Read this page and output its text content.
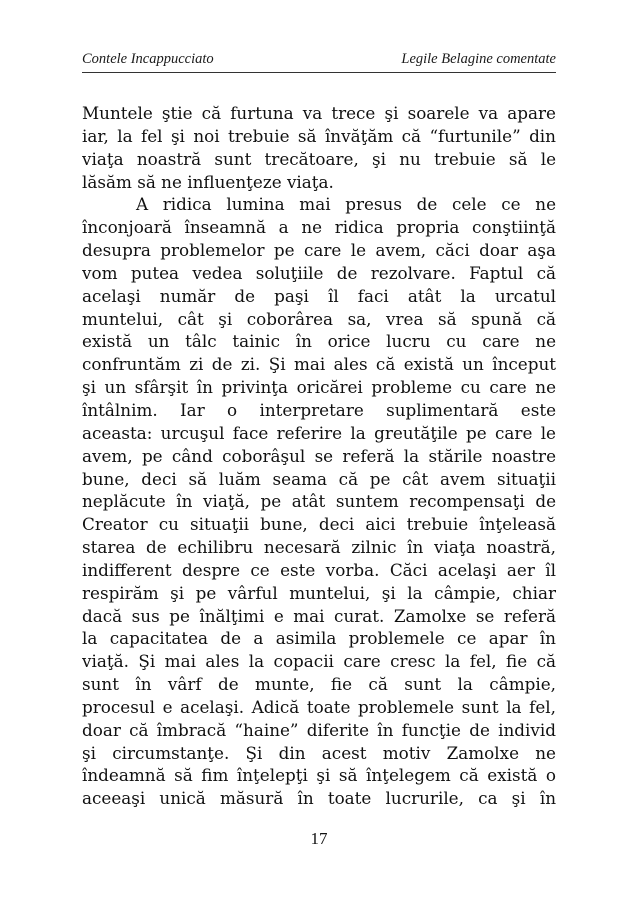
Contele Incappucciato	Legile Belagine comentate
Muntele ştie că furtuna va trece şi soarele va apare
iar, la fel şi noi trebuie să învăţăm că “furtunile” din
viaţa noastră sunt trecătoare, şi nu trebuie să le
lăsăm să ne influenţeze viaţa.
A ridica lumina mai presus de cele ce ne
înconjoară înseamnă a ne ridica propria conştiinţă
desupra problemelor pe care le avem, căci doar aşa
vom putea vedea soluţiile de rezolvare. Faptul că
acelaşi număr de paşi îl faci atât la urcatul
muntelui, cât şi coborârea sa, vrea să spună că
există un tâlc tainic în orice lucru cu care ne
confruntăm zi de zi. Şi mai ales că există un început
şi un sfârşit în privinţa oricărei probleme cu care ne
întâlnim. Iar o interpretare suplimentară este
aceasta: urcuşul face referire la greutăţile pe care le
avem, pe când coborâşul se referă la stările noastre
bune, deci să luăm seama că pe cât avem situaţii
neplăcute în viaţă, pe atât suntem recompensaţi de
Creator cu situaţii bune, deci aici trebuie înţeleasă
starea de echilibru necesară zilnic în viaţa noastră,
indifferent despre ce este vorba. Căci acelaşi aer îl
respirăm şi pe vârful muntelui, şi la câmpie, chiar
dacă sus pe înălţimi e mai curat. Zamolxe se referă
la capacitatea de a asimila problemele ce apar în
viaţă. Şi mai ales la copacii care cresc la fel, fie că
sunt în vârf de munte, fie că sunt la câmpie,
procesul e acelaşi. Adică toate problemele sunt la fel,
doar că îmbracă “haine” diferite în funcţie de individ
şi circumstanţe. Şi din acest motiv Zamolxe ne
îndeamnă să fim înţelepţi şi să înţelegem că există o
aceeaşi unică măsură în toate lucrurile, ca şi în
17
